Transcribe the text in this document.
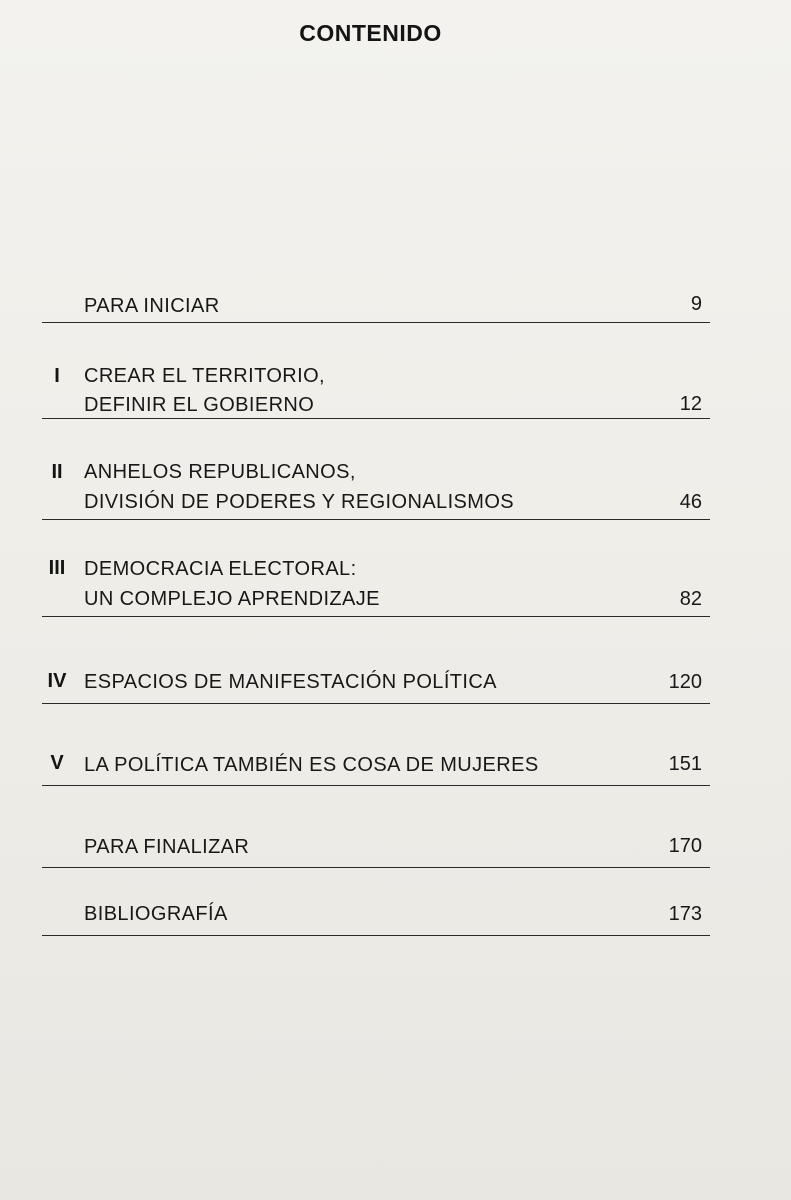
CONTENIDO
PARA INICIAR	9
I	CREAR EL TERRITORIO,
DEFINIR EL GOBIERNO	12
II	ANHELOS REPUBLICANOS,
DIVISIÓN DE PODERES Y REGIONALISMOS	46
III DEMOCRACIA ELECTORAL:
UN COMPLEJO APRENDIZAJE	82
IV ESPACIOS DE MANIFESTACIÓN POLÍTICA	120
V	LA POLÍTICA TAMBIÉN ES COSA DE MUJERES	151
PARA FINALIZAR	170
BIBLIOGRAFÍA	173
